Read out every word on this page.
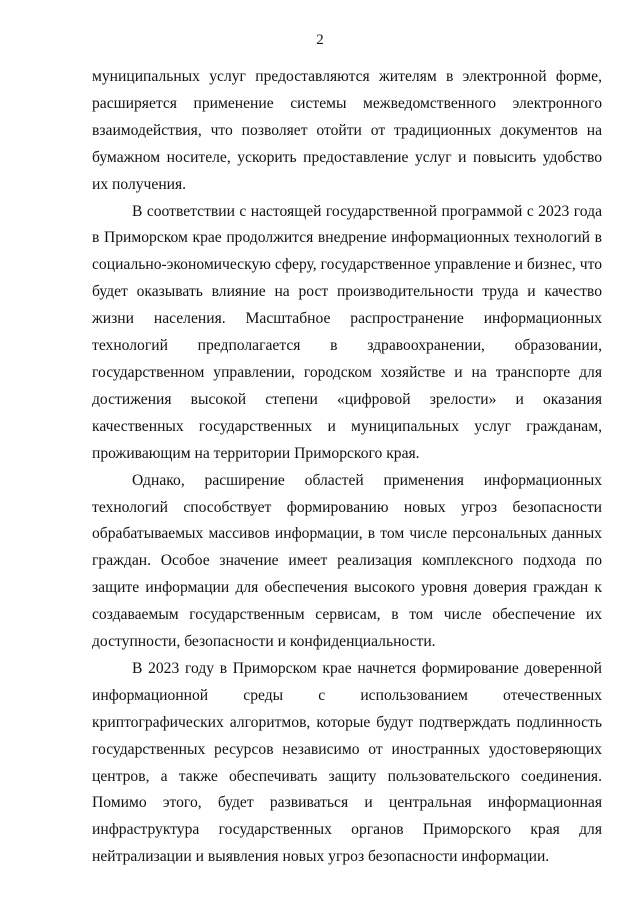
2

муниципальных услуг предоставляются жителям в электронной форме, расширяется применение системы межведомственного электронного взаимодействия, что позволяет отойти от традиционных документов на бумажном носителе, ускорить предоставление услуг и повысить удобство их получения.

В соответствии с настоящей государственной программой с 2023 года в Приморском крае продолжится внедрение информационных технологий в социально-экономическую сферу, государственное управление и бизнес, что будет оказывать влияние на рост производительности труда и качество жизни населения. Масштабное распространение информационных технологий предполагается в здравоохранении, образовании, государственном управлении, городском хозяйстве и на транспорте для достижения высокой степени «цифровой зрелости» и оказания качественных государственных и муниципальных услуг гражданам, проживающим на территории Приморского края.

Однако, расширение областей применения информационных технологий способствует формированию новых угроз безопасности обрабатываемых массивов информации, в том числе персональных данных граждан. Особое значение имеет реализация комплексного подхода по защите информации для обеспечения высокого уровня доверия граждан к создаваемым государственным сервисам, в том числе обеспечение их доступности, безопасности и конфиденциальности.

В 2023 году в Приморском крае начнется формирование доверенной информационной среды с использованием отечественных криптографических алгоритмов, которые будут подтверждать подлинность государственных ресурсов независимо от иностранных удостоверяющих центров, а также обеспечивать защиту пользовательского соединения. Помимо этого, будет развиваться и центральная информационная инфраструктура государственных органов Приморского края для нейтрализации и выявления новых угроз безопасности информации.
